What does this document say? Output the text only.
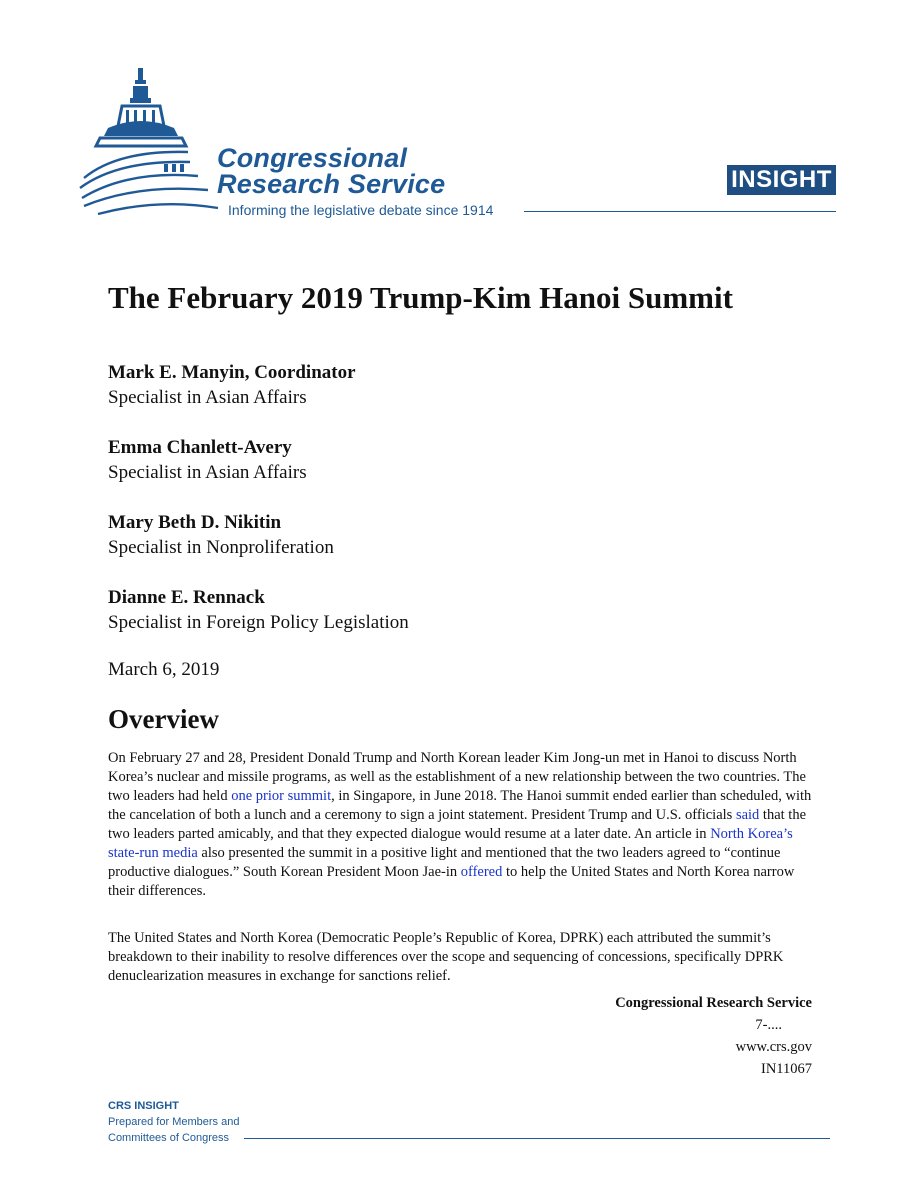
Congressional
Research Service
Informing the legislative debate since 1914
INSIGHT
The February 2019 Trump-Kim Hanoi Summit
Mark E. Manyin, Coordinator
Specialist in Asian Affairs
Emma Chanlett-Avery
Specialist in Asian Affairs
Mary Beth D. Nikitin
Specialist in Nonproliferation
Dianne E. Rennack
Specialist in Foreign Policy Legislation
March 6, 2019
Overview

On February 27 and 28, President Donald Trump and North Korean leader Kim Jong-un met in Hanoi to discuss North Korea’s nuclear and missile programs, as well as the establishment of a new relationship between the two countries. The two leaders had held one prior summit, in Singapore, in June 2018. The Hanoi summit ended earlier than scheduled, with the cancelation of both a lunch and a ceremony to sign a joint statement. President Trump and U.S. officials said that the two leaders parted amicably, and that they expected dialogue would resume at a later date. An article in North Korea’s state-run media also presented the summit in a positive light and mentioned that the two leaders agreed to “continue productive dialogues.” South Korean President Moon Jae-in offered to help the United States and North Korea narrow their differences.

The United States and North Korea (Democratic People’s Republic of Korea, DPRK) each attributed the summit’s breakdown to their inability to resolve differences over the scope and sequencing of concessions, specifically DPRK denuclearization measures in exchange for sanctions relief.

Congressional Research Service
7-....
www.crs.gov
IN11067
CRS INSIGHT
Prepared for Members and
Committees of Congress
